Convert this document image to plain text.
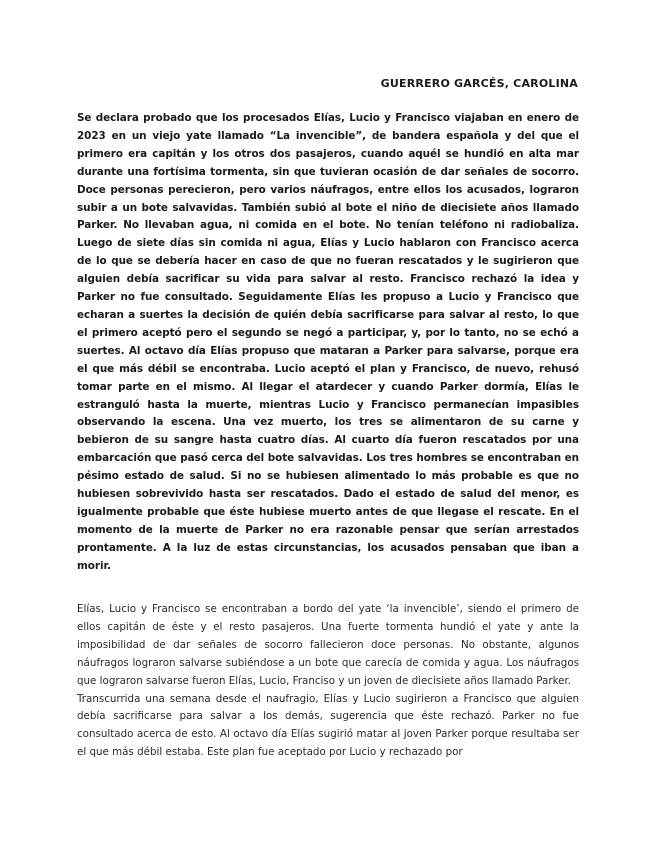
GUERRERO GARCÉS, CAROLINA

Se declara probado que los procesados Elías, Lucio y Francisco viajaban en enero de 2023 en un viejo yate llamado “La invencible”, de bandera española y del que el primero era capitán y los otros dos pasajeros, cuando aquél se hundió en alta mar durante una fortísima tormenta, sin que tuvieran ocasión de dar señales de socorro. Doce personas perecieron, pero varios náufragos, entre ellos los acusados, lograron subir a un bote salvavidas. También subió al bote el niño de diecisiete años llamado Parker. No llevaban agua, ni comida en el bote. No tenían teléfono ni radiobaliza. Luego de siete días sin comida ni agua, Elías y Lucio hablaron con Francisco acerca de lo que se debería hacer en caso de que no fueran rescatados y le sugirieron que alguien debía sacrificar su vida para salvar al resto. Francisco rechazó la idea y Parker no fue consultado. Seguidamente Elías les propuso a Lucio y Francisco que echaran a suertes la decisión de quién debía sacrificarse para salvar al resto, lo que el primero aceptó pero el segundo se negó a participar, y, por lo tanto, no se echó a suertes. Al octavo día Elías propuso que mataran a Parker para salvarse, porque era el que más débil se encontraba. Lucio aceptó el plan y Francisco, de nuevo, rehusó tomar parte en el mismo. Al llegar el atardecer y cuando Parker dormía, Elías le estranguló hasta la muerte, mientras Lucio y Francisco permanecían impasibles observando la escena. Una vez muerto, los tres se alimentaron de su carne y bebieron de su sangre hasta cuatro días. Al cuarto día fueron rescatados por una embarcación que pasó cerca del bote salvavidas. Los tres hombres se encontraban en pésimo estado de salud. Si no se hubiesen alimentado lo más probable es que no hubiesen sobrevivido hasta ser rescatados. Dado el estado de salud del menor, es igualmente probable que éste hubiese muerto antes de que llegase el rescate. En el momento de la muerte de Parker no era razonable pensar que serían arrestados prontamente. A la luz de estas circunstancias, los acusados pensaban que iban a morir.

Elías, Lucio y Francisco se encontraban a bordo del yate ‘la invencible’, siendo el primero de ellos capitán de éste y el resto pasajeros. Una fuerte tormenta hundió el yate y ante la imposibilidad de dar señales de socorro fallecieron doce personas. No obstante, algunos náufragos lograron salvarse subiéndose a un bote que carecía de comida y agua. Los náufragos que lograron salvarse fueron Elías, Lucio, Franciso y un joven de diecisiete años llamado Parker.

Transcurrida una semana desde el naufragio, Elías y Lucio sugirieron a Francisco que alguien debía sacrificarse para salvar a los demás, sugerencia que éste rechazó. Parker no fue consultado acerca de esto. Al octavo día Elías sugirió matar al joven Parker porque resultaba ser el que más débil estaba. Este plan fue aceptado por Lucio y rechazado por
